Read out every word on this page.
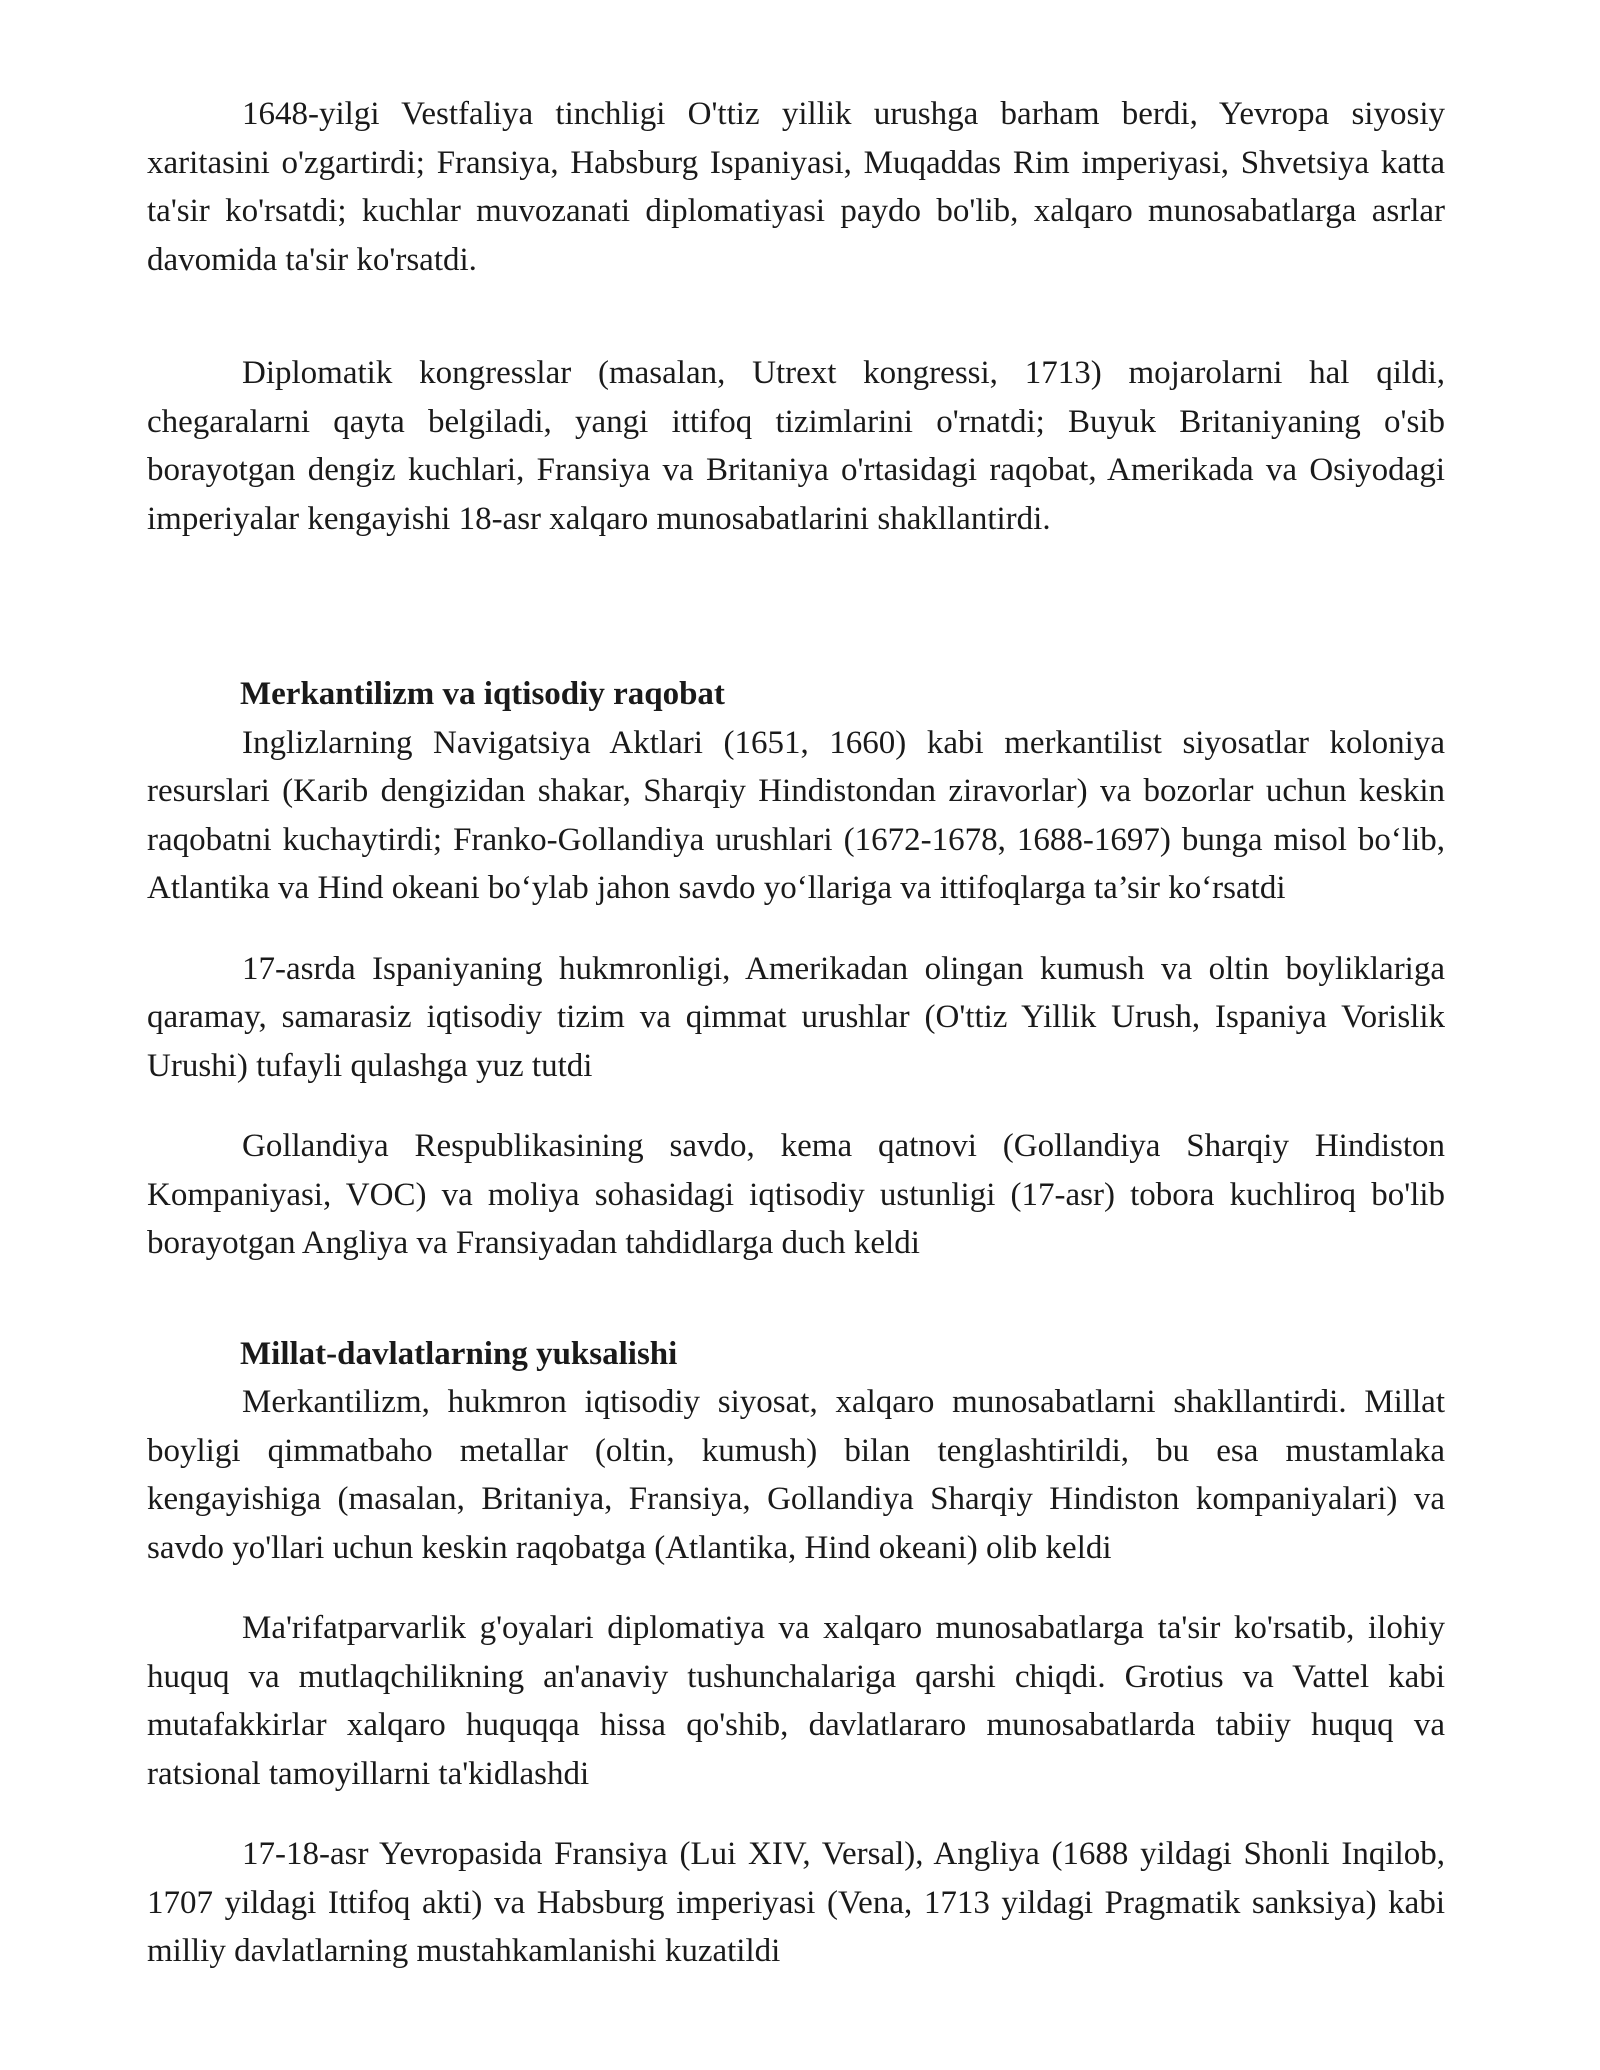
1648-yilgi Vestfaliya tinchligi O'ttiz yillik urushga barham berdi, Yevropa siyosiy xaritasini o'zgartirdi; Fransiya, Habsburg Ispaniyasi, Muqaddas Rim imperiyasi, Shvetsiya katta ta'sir ko'rsatdi; kuchlar muvozanati diplomatiyasi paydo bo'lib, xalqaro munosabatlarga asrlar davomida ta'sir ko'rsatdi.

Diplomatik kongresslar (masalan, Utrext kongressi, 1713) mojarolarni hal qildi, chegaralarni qayta belgiladi, yangi ittifoq tizimlarini o'rnatdi; Buyuk Britaniyaning o'sib borayotgan dengiz kuchlari, Fransiya va Britaniya o'rtasidagi raqobat, Amerikada va Osiyodagi imperiyalar kengayishi 18-asr xalqaro munosabatlarini shakllantirdi.

Merkantilizm va iqtisodiy raqobat

Inglizlarning Navigatsiya Aktlari (1651, 1660) kabi merkantilist siyosatlar koloniya resurslari (Karib dengizidan shakar, Sharqiy Hindistondan ziravorlar) va bozorlar uchun keskin raqobatni kuchaytirdi; Franko-Gollandiya urushlari (1672-1678, 1688-1697) bunga misol bo‘lib, Atlantika va Hind okeani bo‘ylab jahon savdo yo‘llariga va ittifoqlarga ta’sir ko‘rsatdi

17-asrda Ispaniyaning hukmronligi, Amerikadan olingan kumush va oltin boyliklariga qaramay, samarasiz iqtisodiy tizim va qimmat urushlar (O'ttiz Yillik Urush, Ispaniya Vorislik Urushi) tufayli qulashga yuz tutdi

Gollandiya Respublikasining savdo, kema qatnovi (Gollandiya Sharqiy Hindiston Kompaniyasi, VOC) va moliya sohasidagi iqtisodiy ustunligi (17-asr) tobora kuchliroq bo'lib borayotgan Angliya va Fransiyadan tahdidlarga duch keldi

Millat-davlatlarning yuksalishi

Merkantilizm, hukmron iqtisodiy siyosat, xalqaro munosabatlarni shakllantirdi. Millat boyligi qimmatbaho metallar (oltin, kumush) bilan tenglashtirildi, bu esa mustamlaka kengayishiga (masalan, Britaniya, Fransiya, Gollandiya Sharqiy Hindiston kompaniyalari) va savdo yo'llari uchun keskin raqobatga (Atlantika, Hind okeani) olib keldi

Ma'rifatparvarlik g'oyalari diplomatiya va xalqaro munosabatlarga ta'sir ko'rsatib, ilohiy huquq va mutlaqchilikning an'anaviy tushunchalariga qarshi chiqdi. Grotius va Vattel kabi mutafakkirlar xalqaro huquqqa hissa qo'shib, davlatlararo munosabatlarda tabiiy huquq va ratsional tamoyillarni ta'kidlashdi

17-18-asr Yevropasida Fransiya (Lui XIV, Versal), Angliya (1688 yildagi Shonli Inqilob, 1707 yildagi Ittifoq akti) va Habsburg imperiyasi (Vena, 1713 yildagi Pragmatik sanksiya) kabi milliy davlatlarning mustahkamlanishi kuzatildi
